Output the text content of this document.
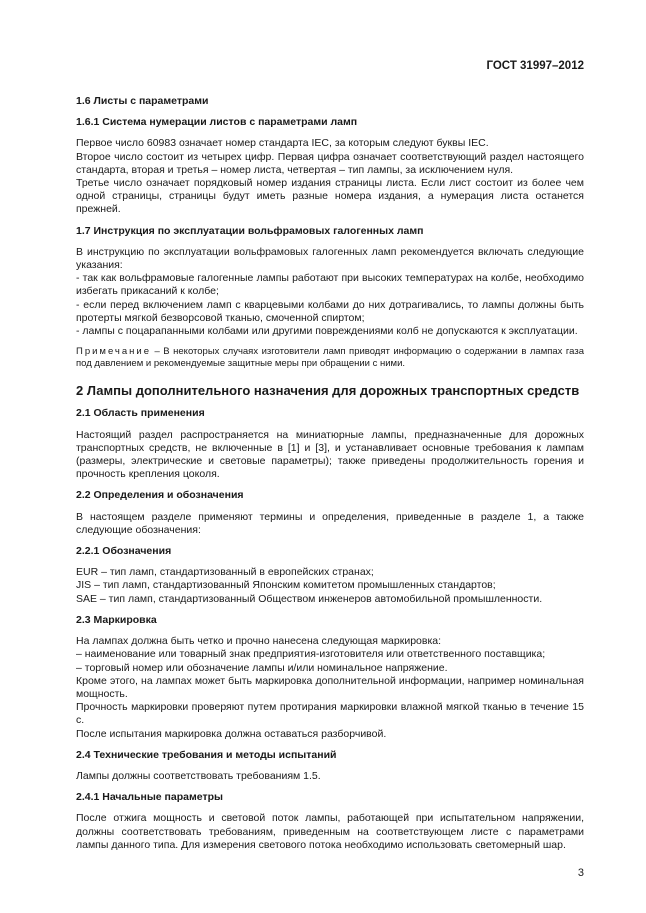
ГОСТ 31997–2012
1.6 Листы с параметрами
1.6.1 Система нумерации листов с параметрами ламп

Первое число 60983 означает номер стандарта IEC, за которым следуют буквы IEC.

Второе число состоит из четырех цифр. Первая цифра означает соответствующий раздел настоящего стандарта, вторая и третья – номер листа, четвертая – тип лампы, за исключением нуля.

Третье число означает порядковый номер издания страницы листа. Если лист состоит из более чем одной страницы, страницы будут иметь разные номера издания, а нумерация листа останется прежней.

1.7 Инструкция по эксплуатации вольфрамовых галогенных ламп

В инструкцию по эксплуатации вольфрамовых галогенных ламп рекомендуется включать следующие указания:

- так как вольфрамовые галогенные лампы работают при высоких температурах на колбе, необходимо избегать прикасаний к колбе;

- если перед включением ламп с кварцевыми колбами до них дотрагивались, то лампы должны быть протерты мягкой безворсовой тканью, смоченной спиртом;

- лампы с поцарапанными колбами или другими повреждениями колб не допускаются к эксплуатации.

Примечание – В некоторых случаях изготовители ламп приводят информацию о содержании в лампах газа под давлением и рекомендуемые защитные меры при обращении с ними.

2 Лампы дополнительного назначения для дорожных транспортных средств
2.1 Область применения

Настоящий раздел распространяется на миниатюрные лампы, предназначенные для дорожных транспортных средств, не включенные в [1] и [3], и устанавливает основные требования к лампам (размеры, электрические и световые параметры); также приведены продолжительность горения и прочность крепления цоколя.

2.2 Определения и обозначения

В настоящем разделе применяют термины и определения, приведенные в разделе 1, а также следующие обозначения:

2.2.1 Обозначения

EUR – тип ламп, стандартизованный в европейских странах;

JIS – тип ламп, стандартизованный Японским комитетом промышленных стандартов;

SAE – тип ламп, стандартизованный Обществом инженеров автомобильной промышленности.

2.3 Маркировка

На лампах должна быть четко и прочно нанесена следующая маркировка:

– наименование или товарный знак предприятия-изготовителя или ответственного поставщика;

– торговый номер или обозначение лампы и/или номинальное напряжение.

Кроме этого, на лампах может быть маркировка дополнительной информации, например номинальная мощность.

Прочность маркировки проверяют путем протирания маркировки влажной мягкой тканью в течение 15 с.

После испытания маркировка должна оставаться разборчивой.

2.4 Технические требования и методы испытаний

Лампы должны соответствовать требованиям 1.5.

2.4.1 Начальные параметры

После отжига мощность и световой поток лампы, работающей при испытательном напряжении, должны соответствовать требованиям, приведенным на соответствующем листе с параметрами лампы данного типа. Для измерения светового потока необходимо использовать светомерный шар.

3
